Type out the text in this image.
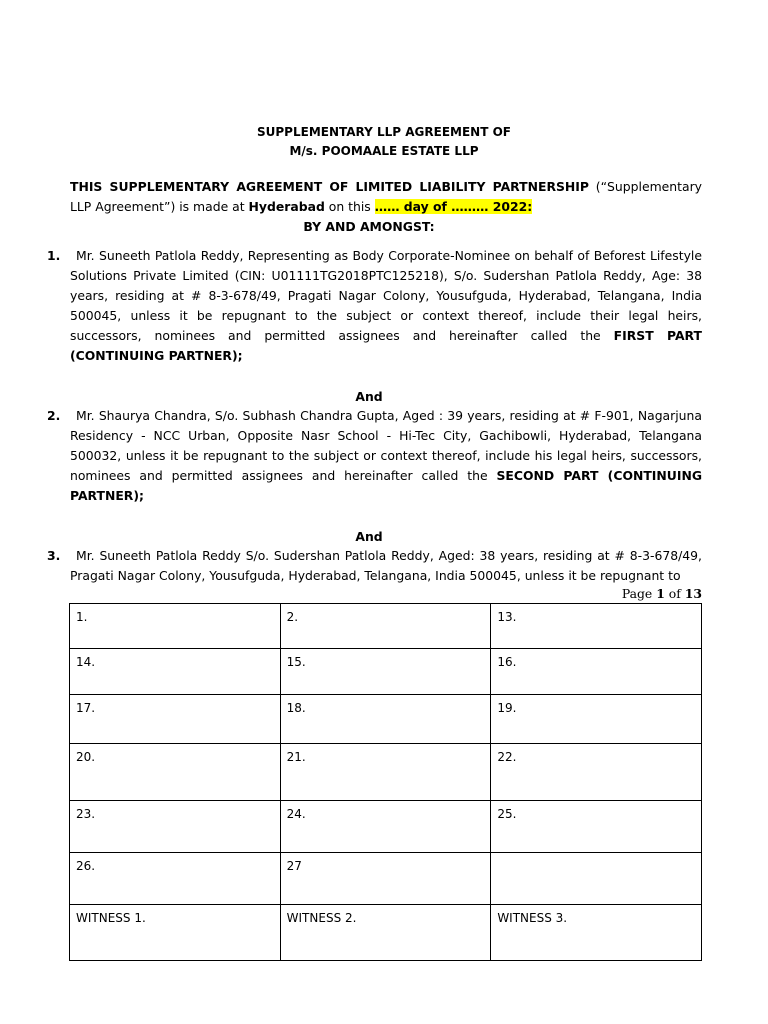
SUPPLEMENTARY LLP AGREEMENT OF
M/s. POOMAALE ESTATE LLP
THIS SUPPLEMENTARY AGREEMENT OF LIMITED LIABILITY PARTNERSHIP (“Supplementary LLP Agreement”) is made at Hyderabad on this …… day of ……… 2022:
BY AND AMONGST:
1.	Mr. Suneeth Patlola Reddy, Representing as Body Corporate-Nominee on behalf of Beforest Lifestyle Solutions Private Limited (CIN: U01111TG2018PTC125218), S/o. Sudershan Patlola Reddy, Age: 38 years, residing at # 8-3-678/49, Pragati Nagar Colony, Yousufguda, Hyderabad, Telangana, India 500045, unless it be repugnant to the subject or context thereof, include their legal heirs, successors, nominees and permitted assignees and hereinafter called the FIRST PART (CONTINUING PARTNER);
And
2.	Mr. Shaurya Chandra, S/o. Subhash Chandra Gupta, Aged : 39 years, residing at # F-901, Nagarjuna Residency - NCC Urban, Opposite Nasr School - Hi-Tec City, Gachibowli, Hyderabad, Telangana 500032, unless it be repugnant to the subject or context thereof, include his legal heirs, successors, nominees and permitted assignees and hereinafter called the SECOND PART (CONTINUING PARTNER);
And
3.	Mr. Suneeth Patlola Reddy S/o. Sudershan Patlola Reddy, Aged: 38 years, residing at # 8-3-678/49, Pragati Nagar Colony, Yousufguda, Hyderabad, Telangana, India 500045, unless it be repugnant to
Page 1 of 13
1.	2.	13.
14.	15.	16.
17.	18.	19.
20.	21.	22.
23.	24.	25.
26.	27	
WITNESS 1.	WITNESS 2.	WITNESS 3.
